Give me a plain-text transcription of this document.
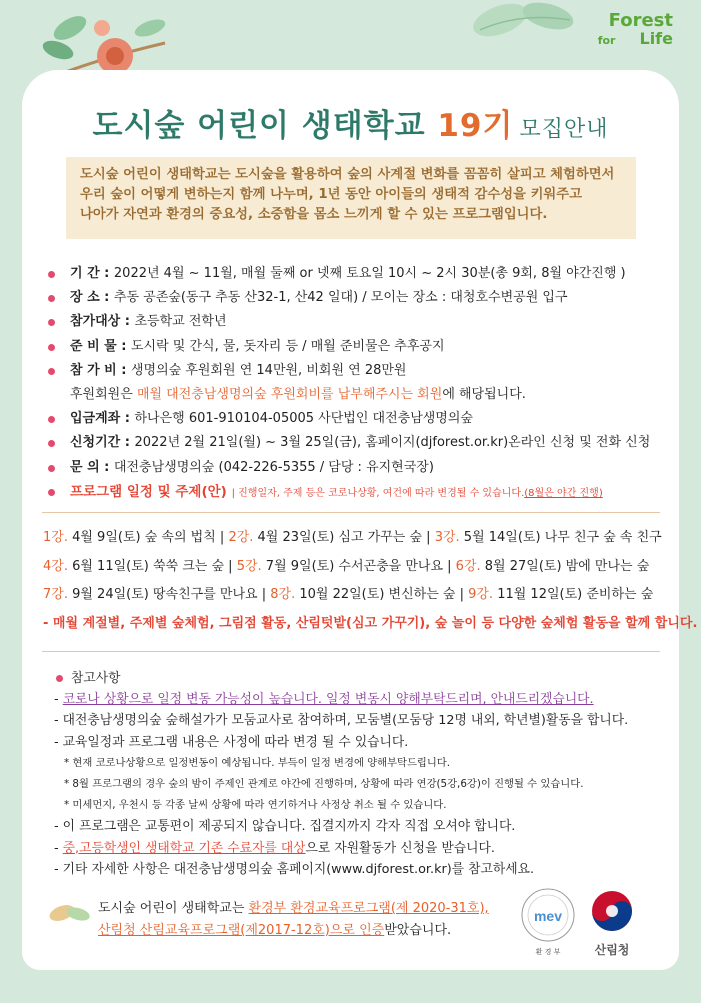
Forest
for Life
도시숲 어린이 생태학교 19기 모집안내
도시숲 어린이 생태학교는 도시숲을 활용하여 숲의 사계절 변화를 꼼꼼히 살피고 체험하면서
우리 숲이 어떻게 변하는지 함께 나누며, 1년 동안 아이들의 생태적 감수성을 키워주고
나아가 자연과 환경의 중요성, 소중함을 몸소 느끼게 할 수 있는 프로그램입니다.
기 간 : 2022년 4월 ~ 11월, 매월 둘째 or 넷째 토요일 10시 ~ 2시 30분(총 9회, 8월 야간진행 )
장 소 : 추동 공존숲(동구 추동 산32-1, 산42 일대) / 모이는 장소 : 대청호수변공원 입구
참가대상 : 초등학교 전학년
준 비 물 : 도시락 및 간식, 물, 돗자리 등 / 매월 준비물은 추후공지
참 가 비 : 생명의숲 후원회원 연 14만원, 비회원 연 28만원
후원회원은 매월 대전충남생명의숲 후원회비를 납부해주시는 회원에 해당됩니다.
입금계좌 : 하나은행 601-910104-05005 사단법인 대전충남생명의숲
신청기간 : 2022년 2월 21일(월) ~ 3월 25일(금), 홈페이지(djforest.or.kr)온라인 신청 및 전화 신청
문 의 : 대전충남생명의숲 (042-226-5355 / 담당 : 유지현국장)
프로그램 일정 및 주제(안) | 진행일자, 주제 등은 코로나상황, 여건에 따라 변경될 수 있습니다.(8월은 야간 진행)
1강. 4월 9일(토) 숲 속의 법칙 | 2강. 4월 23일(토) 심고 가꾸는 숲 | 3강. 5월 14일(토) 나무 친구 숲 속 친구
4강. 6월 11일(토) 쑥쑥 크는 숲 | 5강. 7월 9일(토) 수서곤충을 만나요 | 6강. 8월 27일(토) 밤에 만나는 숲
7강. 9월 24일(토) 땅속친구를 만나요 | 8강. 10월 22일(토) 변신하는 숲 | 9강. 11월 12일(토) 준비하는 숲
- 매월 계절별, 주제별 숲체험, 그림점 활동, 산림텃밭(심고 가꾸기), 숲 놀이 등 다양한 숲체험 활동을 할께 합니다.
참고사항
- 코로나 상황으로 일정 변동 가능성이 높습니다. 일정 변동시 양해부탁드리며, 안내드리겠습니다.
- 대전충남생명의숲 숲해설가가 모둠교사로 참여하며, 모둠별(모둠당 12명 내외, 학년별)활동을 합니다.
- 교육일정과 프로그램 내용은 사정에 따라 변경 될 수 있습니다.
* 현재 코로나상황으로 일정변동이 예상됩니다. 부득이 일정 변경에 양해부탁드립니다.
* 8월 프로그램의 경우 숲의 밤이 주제인 관계로 야간에 진행하며, 상황에 따라 연강(5강,6강)이 진행될 수 있습니다.
* 미세먼지, 우천시 등 각종 날씨 상황에 따라 연기하거나 사정상 취소 될 수 있습니다.
- 이 프로그램은 교통편이 제공되지 않습니다. 집결지까지 각자 직접 오셔야 합니다.
- 중,고등학생인 생태학교 기존 수료자를 대상으로 자원활동가 신청을 받습니다.
- 기타 자세한 사항은 대전충남생명의숲 홈페이지(www.djforest.or.kr)를 참고하세요.
도시숲 어린이 생태학교는 환경부 환경교육프로그램(제 2020-31호),
산림청 산림교육프로그램(제2017-12호)으로 인증받았습니다.
mev
환 경 부	산림청
